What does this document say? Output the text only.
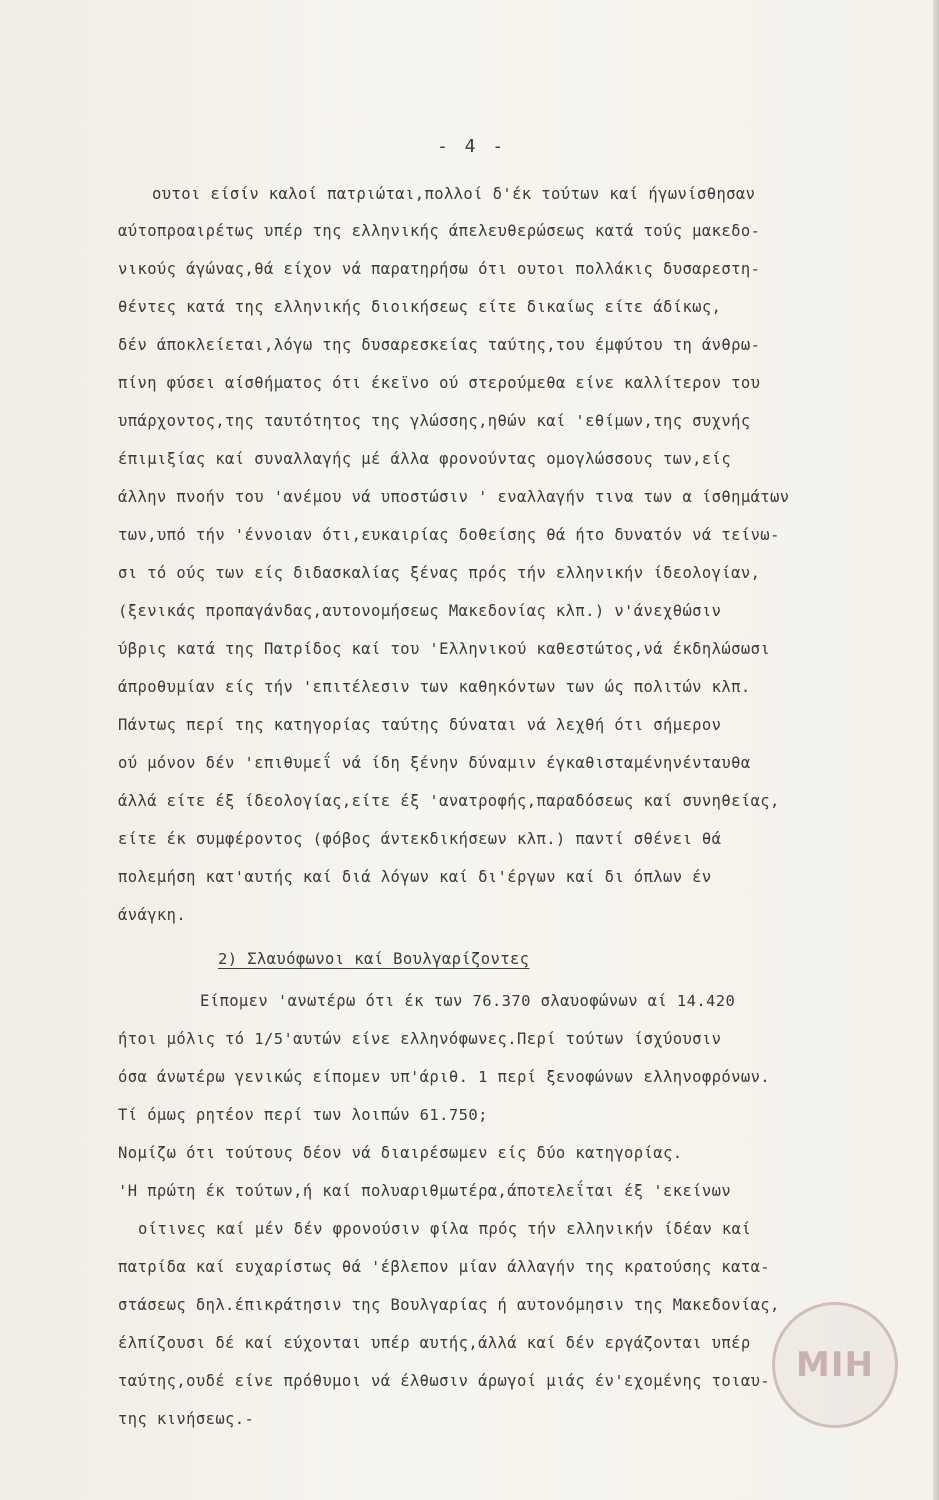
- 4 -

ουτοι είσίν καλοί πατριώται,πολλοί δ'έκ τούτων καί ήγωνίσθησαν

αύτοπροαιρέτως υπέρ της ελληνικής άπελευθερώσεως κατά τούς μακεδο-

νικούς άγώνας,θά είχον νά παρατηρήσω ότι ουτοι πολλάκις δυσαρεστη-

θέντες κατά της ελληνικής διοικήσεως είτε δικαίως είτε άδίκως,

δέν άποκλείεται,λόγω της δυσαρεσκείας ταύτης,του έμφύτου τη άνθρω-

πίνη φύσει αίσθήματος ότι έκεϊνο ού στερούμεθα είνε καλλίτερον του

υπάρχοντος,της ταυτότητος της γλώσσης,ηθών καί 'εθίμων,της συχνής

έπιμιξίας καί συναλλαγής μέ άλλα φρονούντας ομογλώσσους των,είς

άλλην πνοήν του 'ανέμου νά υποστώσιν ' εναλλαγήν τινα των α ίσθημάτων

των,υπό τήν 'έννοιαν ότι,ευκαιρίας δοθείσης θά ήτο δυνατόν νά τείνω-

σι τό ούς των είς διδασκαλίας ξένας πρός τήν ελληνικήν ίδεολογίαν,

(ξενικάς προπαγάνδας,αυτονομήσεως Μακεδονίας κλπ.) ν'άνεχθώσιν

ύβρις κατά της Πατρίδος καί του 'Ελληνικού καθεστώτος,νά έκδηλώσωσι

άπροθυμίαν είς τήν 'επιτέλεσιν των καθηκόντων των ώς πολιτών κλπ.

Πάντως περί της κατηγορίας ταύτης δύναται νά λεχθή ότι σήμερον

ού μόνον δέν 'επιθυμεΐ νά ίδη ξένην δύναμιν έγκαθισταμένηνένταυθα

άλλά είτε έξ ίδεολογίας,είτε έξ 'ανατροφής,παραδόσεως καί συνηθείας,

είτε έκ συμφέροντος (φόβος άντεκδικήσεων κλπ.) παντί σθένει θά

πολεμήση κατ'αυτής καί διά λόγων καί δι'έργων καί δι όπλων έν

άνάγκη.

2) Σλαυόφωνοι καί Βουλγαρίζοντες

Είπομεν 'ανωτέρω ότι έκ των 76.370 σλαυοφώνων αί 14.420

ήτοι μόλις τό 1/5'αυτών είνε ελληνόφωνες.Περί τούτων ίσχύουσιν

όσα άνωτέρω γενικώς είπομεν υπ'άριθ. 1 περί ξενοφώνων ελληνοφρόνων.

Τί όμως ρητέον περί των λοιπών 61.750;

Νομίζω ότι τούτους δέον νά διαιρέσωμεν είς δύο κατηγορίας.

'Η πρώτη έκ τούτων,ή καί πολυαριθμωτέρα,άποτελεΐται έξ 'εκείνων

οίτινες καί μέν δέν φρονούσιν φίλα πρός τήν ελληνικήν ίδέαν καί

πατρίδα καί ευχαρίστως θά 'έβλεπον μίαν άλλαγήν της κρατούσης κατα-

στάσεως δηλ.έπικράτησιν της Βουλγαρίας ή αυτονόμησιν της Μακεδονίας,

έλπίζουσι δέ καί εύχονται υπέρ αυτής,άλλά καί δέν εργάζονται υπέρ

ταύτης,ουδέ είνε πρόθυμοι νά έλθωσιν άρωγοί μιάς έν'εχομένης τοιαυ-

της κινήσεως.-

ΜΙΗ
